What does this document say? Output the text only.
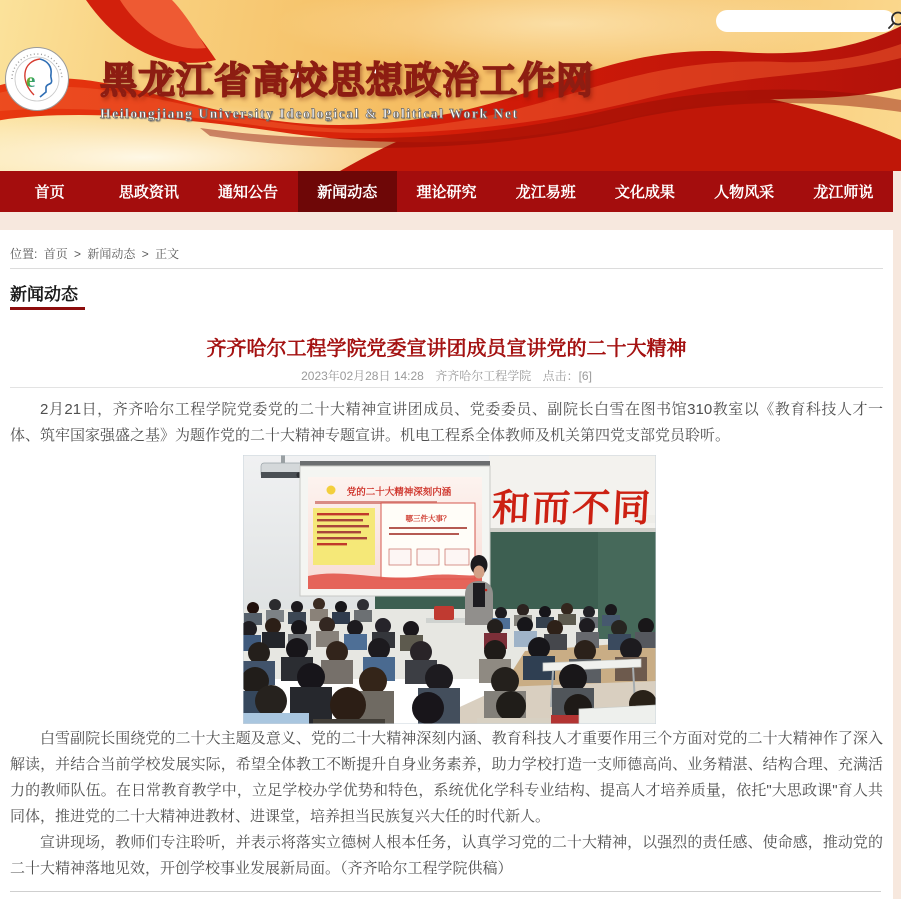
e 黑龙江省高校思想政治工作网
Heilongjiang University Ideological & Political Work Net
首页	思政资讯	通知公告	新闻动态	理论研究	龙江易班	文化成果	人物风采	龙江师说
位置: 首页 > 新闻动态 > 正文
新闻动态
齐齐哈尔工程学院党委宣讲团成员宣讲党的二十大精神
2023年02月28日 14:28 齐齐哈尔工程学院 点击：[6]

2月21日，齐齐哈尔工程学院党委党的二十大精神宣讲团成员、党委委员、副院长白雪在图书馆310教室以《教育科技人才一体、筑牢国家强盛之基》为题作党的二十大精神专题宣讲。机电工程系全体教师及机关第四党支部党员聆听。

和而不同
党的二十大精神深刻内涵
哪三件大事？

白雪副院长围绕党的二十大主题及意义、党的二十大精神深刻内涵、教育科技人才重要作用三个方面对党的二十大精神作了深入解读，并结合当前学校发展实际，希望全体教工不断提升自身业务素养，助力学校打造一支师德高尚、业务精湛、结构合理、充满活力的教师队伍。在日常教育教学中，立足学校办学优势和特色，系统优化学科专业结构、提高人才培养质量，依托"大思政课"育人共同体，推进党的二十大精神进教材、进课堂，培养担当民族复兴大任的时代新人。

宣讲现场，教师们专注聆听，并表示将落实立德树人根本任务，认真学习党的二十大精神，以强烈的责任感、使命感，推动党的二十大精神落地见效，开创学校事业发展新局面。（齐齐哈尔工程学院供稿）
